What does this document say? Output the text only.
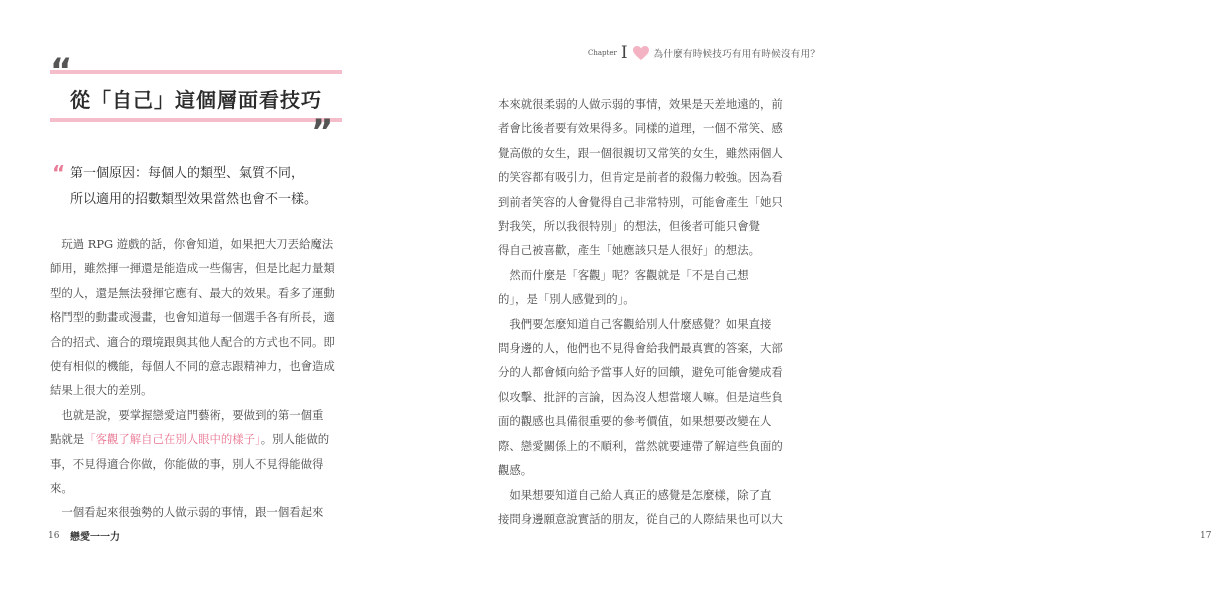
“
從「自己」這個層面看技巧
”
“ 第一個原因：每個人的類型、氣質不同，
所以適用的招數類型效果當然也會不一樣。
　玩過 RPG 遊戲的話，你會知道，如果把大刀丟給魔法
師用，雖然揮一揮還是能造成一些傷害，但是比起力量類
型的人，還是無法發揮它應有、最大的效果。看多了運動
格鬥型的動畫或漫畫，也會知道每一個選手各有所長，適
合的招式、適合的環境跟與其他人配合的方式也不同。即
使有相似的機能，每個人不同的意志跟精神力，也會造成
結果上很大的差別。
　也就是說，要掌握戀愛這門藝術，要做到的第一個重
點就是「客觀了解自己在別人眼中的樣子」。別人能做的
事，不見得適合你做，你能做的事，別人不見得能做得
來。
　一個看起來很強勢的人做示弱的事情，跟一個看起來
16 戀愛一一力
Chapter I	為什麼有時候技巧有用有時候沒有用？
17
本來就很柔弱的人做示弱的事情，效果是天差地遠的，前
者會比後者要有效果得多。同樣的道理，一個不常笑、感
覺高傲的女生，跟一個很親切又常笑的女生，雖然兩個人
的笑容都有吸引力，但肯定是前者的殺傷力較強。因為看
到前者笑容的人會覺得自己非常特別，可能會產生「她只
對我笑，所以我很特別」的想法，但後者可能只會覺
得自己被喜歡，產生「她應該只是人很好」的想法。
　然而什麼是「客觀」呢？客觀就是「不是自己想
的」，是「別人感覺到的」。
　我們要怎麼知道自己客觀給別人什麼感覺？如果直接
問身邊的人，他們也不見得會給我們最真實的答案，大部
分的人都會傾向給予當事人好的回饋，避免可能會變成看
似攻擊、批評的言論，因為沒人想當壞人嘛。但是這些負
面的觀感也具備很重要的參考價值，如果想要改變在人
際、戀愛關係上的不順利，當然就要連帶了解這些負面的
觀感。
　如果想要知道自己給人真正的感覺是怎麼樣，除了直
接問身邊願意說實話的朋友，從自己的人際結果也可以大
